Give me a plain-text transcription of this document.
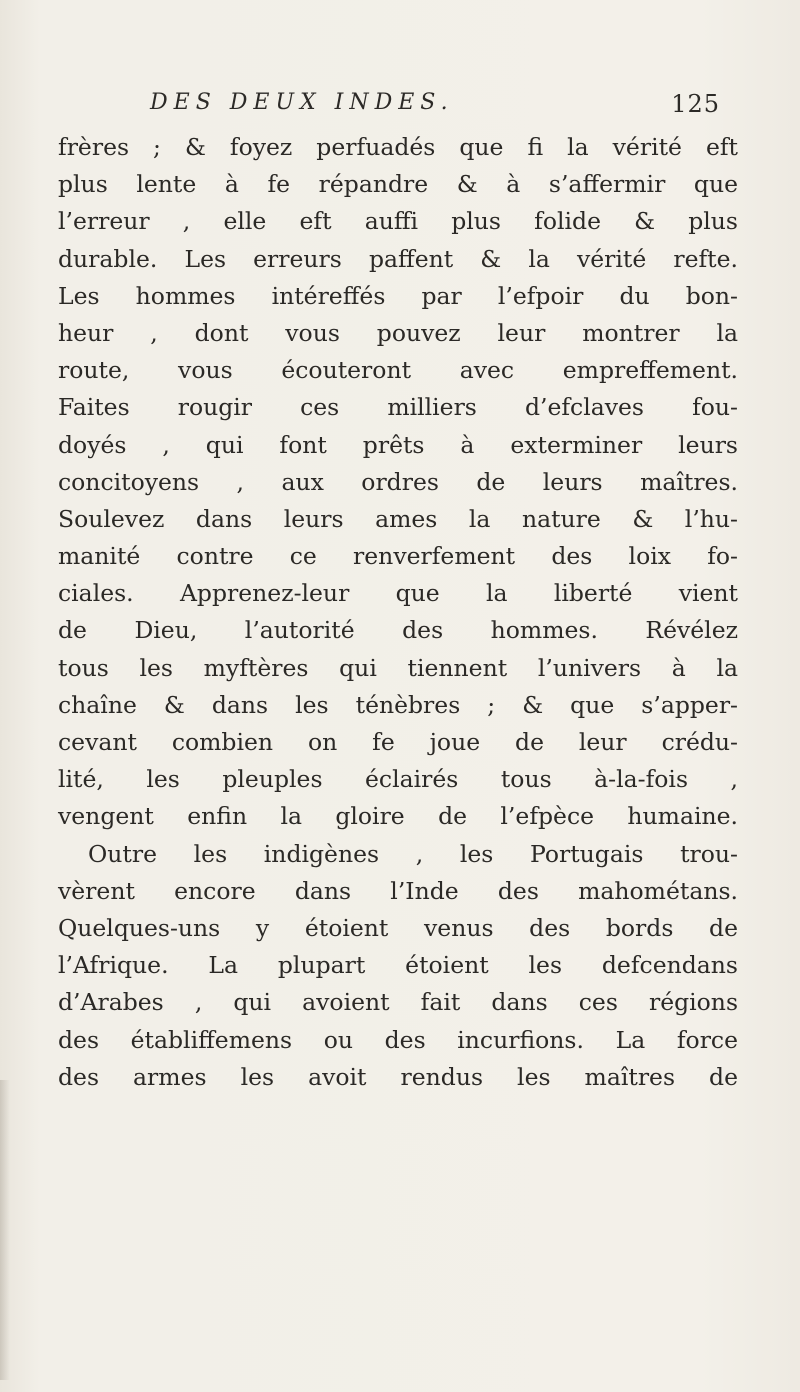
DES DEUX INDES.	125
frères ; & foyez perfuadés que fi la vérité eft
plus lente à fe répandre & à s’affermir que
l’erreur , elle eft auffi plus folide & plus
durable. Les erreurs paffent & la vérité refte.
Les hommes intéreffés par l’efpoir du bon-
heur , dont vous pouvez leur montrer la
route, vous écouteront avec empreffement.
Faites rougir ces milliers d’efclaves fou-
doyés , qui font prêts à exterminer leurs
concitoyens , aux ordres de leurs maîtres.
Soulevez dans leurs ames la nature & l’hu-
manité contre ce renverfement des loix fo-
ciales. Apprenez-leur que la liberté vient
de Dieu, l’autorité des hommes. Révélez
tous les myftères qui tiennent l’univers à la
chaîne & dans les ténèbres ; & que s’apper-
cevant combien on fe joue de leur crédu-
lité, les pleuples éclairés tous à-la-fois ,
vengent enfin la gloire de l’efpèce humaine.
Outre les indigènes , les Portugais trou-
vèrent encore dans l’Inde des mahométans.
Quelques-uns y étoient venus des bords de
l’Afrique. La plupart étoient les defcendans
d’Arabes , qui avoient fait dans ces régions
des établiffemens ou des incurfions. La force
des armes les avoit rendus les maîtres de
